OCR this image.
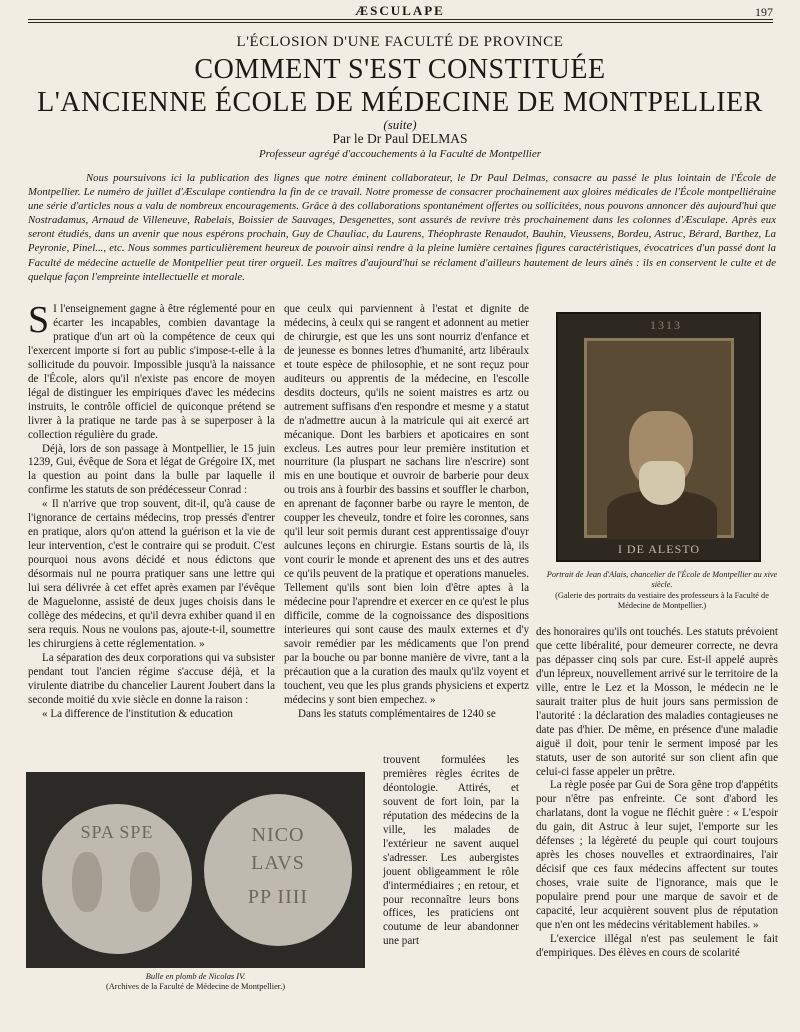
ÆSCULAPE	197
L'ÉCLOSION D'UNE FACULTÉ DE PROVINCE
COMMENT S'EST CONSTITUÉE
L'ANCIENNE ÉCOLE DE MÉDECINE DE MONTPELLIER
(suite)
Par le Dr Paul DELMAS
Professeur agrégé d'accouchements à la Faculté de Montpellier

Nous poursuivons ici la publication des lignes que notre éminent collaborateur, le Dr Paul Delmas, consacre au passé le plus lointain de l'École de Montpellier. Le numéro de juillet d'Æsculape contiendra la fin de ce travail. Notre promesse de consacrer prochainement aux gloires médicales de l'École montpelliéraine une série d'articles nous a valu de nombreux encouragements. Grâce à des collaborations spontanément offertes ou sollicitées, nous pouvons annoncer dès aujourd'hui que Nostradamus, Arnaud de Villeneuve, Rabelais, Boissier de Sauvages, Desgenettes, sont assurés de revivre très prochainement dans les colonnes d'Æsculape. Après eux seront étudiés, dans un avenir que nous espérons prochain, Guy de Chauliac, du Laurens, Théophraste Renaudot, Bauhin, Vieussens, Bordeu, Astruc, Bérard, Barthez, La Peyronie, Pinel..., etc. Nous sommes particulièrement heureux de pouvoir ainsi rendre à la pleine lumière certaines figures caractéristiques, évocatrices d'un passé dont la Faculté de médecine actuelle de Montpellier peut tirer orgueil. Les maîtres d'aujourd'hui se réclament d'ailleurs hautement de leurs aînés : ils en conservent le culte et de quelque façon l'empreinte intellectuelle et morale.

S I l'enseignement gagne à être réglementé pour en écarter les incapables, combien davantage la pratique d'un art où la compétence de ceux qui l'exercent importe si fort au public s'impose-t-elle à la sollicitude du pouvoir. Impossible jusqu'à la naissance de l'École, alors qu'il n'existe pas encore de moyen légal de distinguer les empiriques d'avec les médecins instruits, le contrôle officiel de quiconque prétend se livrer à la pratique ne tarde pas à se superposer à la collection régulière du grade.

Déjà, lors de son passage à Montpellier, le 15 juin 1239, Gui, évêque de Sora et légat de Grégoire IX, met la question au point dans la bulle par laquelle il confirme les statuts de son prédécesseur Conrad :

« Il n'arrive que trop souvent, dit-il, qu'à cause de l'ignorance de certains médecins, trop pressés d'entrer en pratique, alors qu'on attend la guérison et la vie de leur intervention, c'est le contraire qui se produit. C'est pourquoi nous avons décidé et nous édictons que désormais nul ne pourra pratiquer sans une lettre qui lui sera délivrée à cet effet après examen par l'évêque de Maguelonne, assisté de deux juges choisis dans le collège des médecins, et qu'il devra exhiber quand il en sera requis. Nous ne voulons pas, ajoute-t-il, soumettre les chirurgiens à cette réglementation. »

La séparation des deux corporations qui va subsister pendant tout l'ancien régime s'accuse déjà, et la virulente diatribe du chancelier Laurent Joubert dans la seconde moitié du xvie siècle en donne la raison :

« La difference de l'institution & education

que ceulx qui parviennent à l'estat et dignite de médecins, à ceulx qui se rangent et adonnent au metier de chirurgie, est que les uns sont nourriz d'enfance et de jeunesse es bonnes letres d'humanité, artz libéraulx et toute espèce de philosophie, et ne sont reçuz pour auditeurs ou apprentis de la médecine, en l'escolle desdits docteurs, qu'ils ne soient maistres es artz ou autrement suffisans d'en respondre et mesme y a statut de n'admettre aucun à la matricule qui ait exercé art mécanique. Dont les barbiers et apoticaires en sont excleus. Les autres pour leur première institution et nourriture (la pluspart ne sachans lire n'escrire) sont mis en une boutique et ouvroir de barberie pour deux ou trois ans à fourbir des bassins et souffler le charbon, en aprenant de façonner barbe ou rayre le menton, de coupper les cheveulz, tondre et foire les coronnes, sans qu'il leur soit permis durant cest apprentissaige d'ouyr aulcunes leçons en chirurgie. Estans sourtis de là, ils vont courir le monde et aprenent des uns et des autres ce qu'ils peuvent de la pratique et operations manueles. Tellement qu'ils sont bien loin d'être aptes à la médecine pour l'aprendre et exercer en ce qu'est le plus difficile, comme de la cognoissance des dispositions interieures qui sont cause des maulx externes et d'y savoir remédier par les médicaments que l'on prend par la bouche ou par bonne manière de vivre, tant a la précaution que a la curation des maulx qu'ilz voyent et touchent, veu que les plus grands physiciens et expertz médecins y sont bien empechez. »

Dans les statuts complémentaires de 1240 se

trouvent formulées les premières règles écrites de déontologie. Attirés, et souvent de fort loin, par la réputation des médecins de la ville, les malades de l'extérieur ne savent auquel s'adresser. Les aubergistes jouent obligeamment le rôle d'intermédiaires ; en retour, et pour reconnaître leurs bons offices, les praticiens ont coutume de leur abandonner une part

1313
I DE ALESTO
Portrait de Jean d'Alais, chancelier de l'École de Montpellier au xive siècle.
(Galerie des portraits du vestiaire des professeurs à la Faculté de Médecine de Montpellier.)

des honoraires qu'ils ont touchés. Les statuts prévoient que cette libéralité, pour demeurer correcte, ne devra pas dépasser cinq sols par cure. Est-il appelé auprès d'un lépreux, nouvellement arrivé sur le territoire de la ville, entre le Lez et la Mosson, le médecin ne le saurait traiter plus de huit jours sans permission de l'autorité : la déclaration des maladies contagieuses ne date pas d'hier. De même, en présence d'une maladie aiguë il doit, pour tenir le serment imposé par les statuts, user de son autorité sur son client afin que celui-ci fasse appeler un prêtre.

La règle posée par Gui de Sora gêne trop d'appétits pour n'être pas enfreinte. Ce sont d'abord les charlatans, dont la vogue ne fléchit guère : « L'espoir du gain, dit Astruc à leur sujet, l'emporte sur les défenses ; la légèreté du peuple qui court toujours après les choses nouvelles et extraordinaires, l'air décisif que ces faux médecins affectent sur toutes choses, vraie suite de l'ignorance, mais que le populaire prend pour une marque de savoir et de capacité, leur acquièrent souvent plus de réputation que n'en ont les médecins véritablement habiles. »

L'exercice illégal n'est pas seulement le fait d'empiriques. Des élèves en cours de scolarité

SPA SPE	NICO
LAVS
PP IIII
Bulle en plomb de Nicolas IV.
(Archives de la Faculté de Médecine de Montpellier.)
